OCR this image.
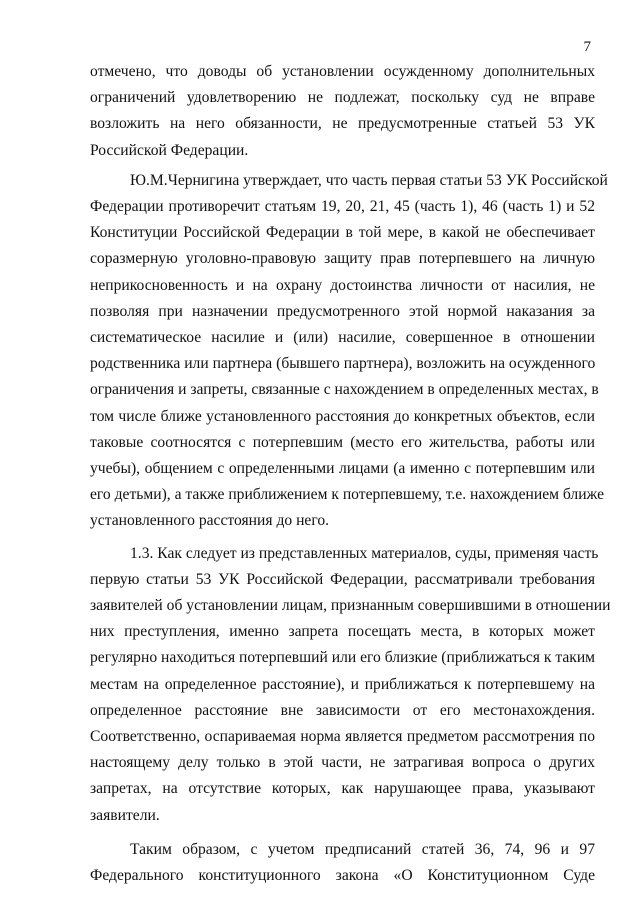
7
отмечено, что доводы об установлении осужденному дополнительных
ограничений удовлетворению не подлежат, поскольку суд не вправе
возложить на него обязанности, не предусмотренные статьей 53 УК
Российской Федерации.
Ю.М.Чернигина утверждает, что часть первая статьи 53 УК Российской
Федерации противоречит статьям 19, 20, 21, 45 (часть 1), 46 (часть 1) и 52
Конституции Российской Федерации в той мере, в какой не обеспечивает
соразмерную уголовно-правовую защиту прав потерпевшего на личную
неприкосновенность и на охрану достоинства личности от насилия, не
позволяя при назначении предусмотренного этой нормой наказания за
систематическое насилие и (или) насилие, совершенное в отношении
родственника или партнера (бывшего партнера), возложить на осужденного
ограничения и запреты, связанные с нахождением в определенных местах, в
том числе ближе установленного расстояния до конкретных объектов, если
таковые соотносятся с потерпевшим (место его жительства, работы или
учебы), общением с определенными лицами (а именно с потерпевшим или
его детьми), а также приближением к потерпевшему, т.е. нахождением ближе
установленного расстояния до него.
1.3. Как следует из представленных материалов, суды, применяя часть
первую статьи 53 УК Российской Федерации, рассматривали требования
заявителей об установлении лицам, признанным совершившими в отношении
них преступления, именно запрета посещать места, в которых может
регулярно находиться потерпевший или его близкие (приближаться к таким
местам на определенное расстояние), и приближаться к потерпевшему на
определенное расстояние вне зависимости от его местонахождения.
Соответственно, оспариваемая норма является предметом рассмотрения по
настоящему делу только в этой части, не затрагивая вопроса о других
запретах, на отсутствие которых, как нарушающее права, указывают
заявители.
Таким образом, с учетом предписаний статей 36, 74, 96 и 97
Федерального конституционного закона «О Конституционном Суде
